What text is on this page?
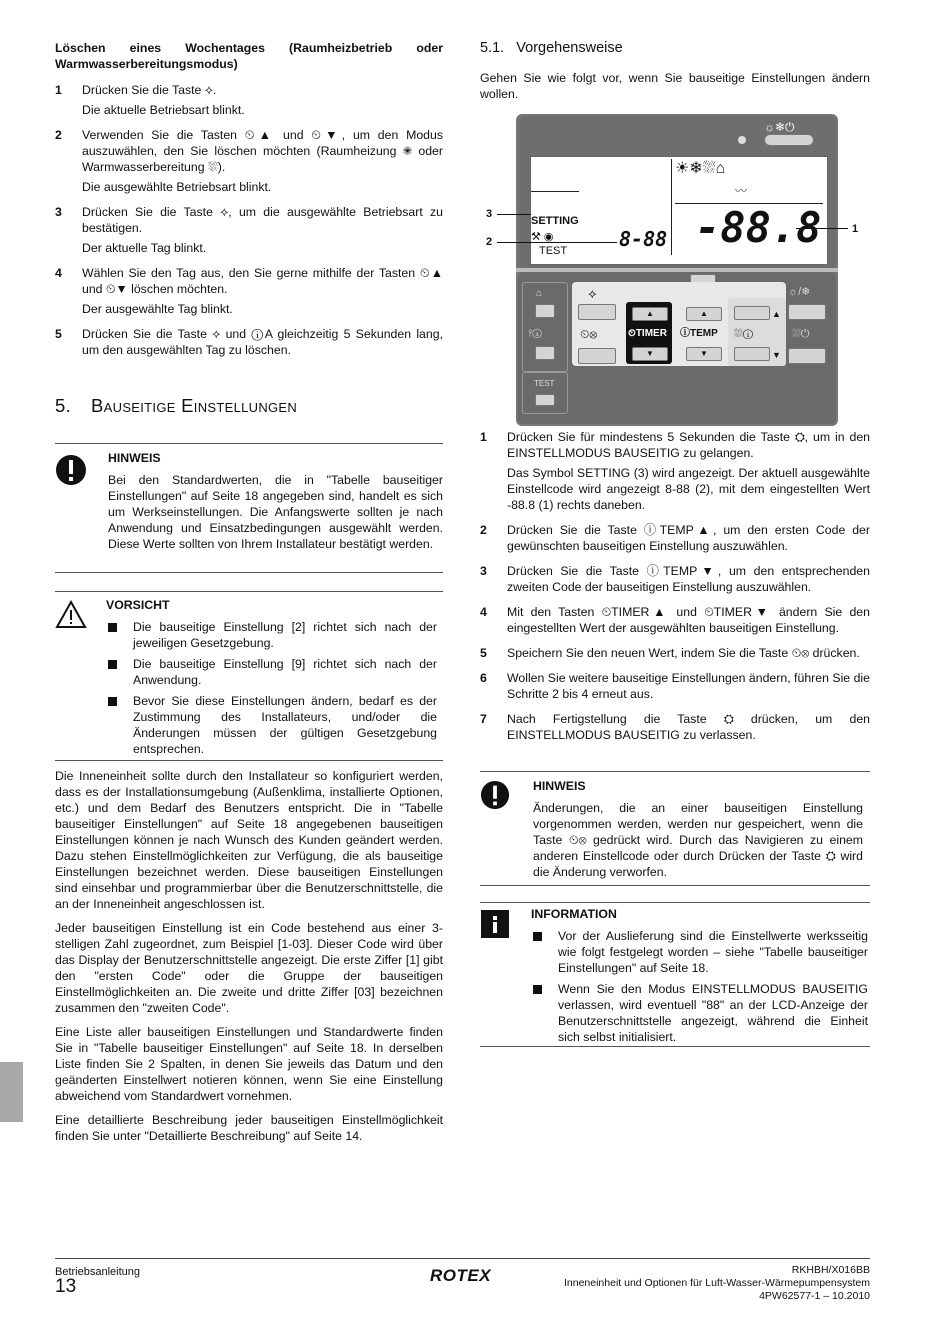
Löschen eines Wochentages (Raumheizbetrieb oder Warmwasserbereitungsmodus)
1 Drücken Sie die Taste ⟡.

Die aktuelle Betriebsart blinkt.

2 Verwenden Sie die Tasten ⏲▲ und ⏲▼, um den Modus auszuwählen, den Sie löschen möchten (Raumheizung ✺ oder Warmwasserbereitung ⛆).

Die ausgewählte Betriebsart blinkt.

3 Drücken Sie die Taste ⟡, um die ausgewählte Betriebsart zu bestätigen.

Der aktuelle Tag blinkt.

4 Wählen Sie den Tag aus, den Sie gerne mithilfe der Tasten ⏲▲ und ⏲▼ löschen möchten.

Der ausgewählte Tag blinkt.

5 Drücken Sie die Taste ⟡ und ⓘA gleichzeitig 5 Sekunden lang, um den ausgewählten Tag zu löschen.

5. Bauseitige Einstellungen
HINWEIS
Bei den Standardwerten, die in "Tabelle bauseitiger Einstellungen" auf Seite 18 angegeben sind, handelt es sich um Werkseinstellungen. Die Anfangswerte sollten je nach Anwendung und Einsatzbedingungen ausgewählt werden. Diese Werte sollten von Ihrem Installateur bestätigt werden.
VORSICHT
Die bauseitige Einstellung [2] richtet sich nach der jeweiligen Gesetzgebung.
Die bauseitige Einstellung [9] richtet sich nach der Anwendung.
Bevor Sie diese Einstellungen ändern, bedarf es der Zustimmung des Installateurs, und/oder die Änderungen müssen der gültigen Gesetzgebung entsprechen.

Die Inneneinheit sollte durch den Installateur so konfiguriert werden, dass es der Installationsumgebung (Außenklima, installierte Optionen, etc.) und dem Bedarf des Benutzers entspricht. Die in "Tabelle bauseitiger Einstellungen" auf Seite 18 angegebenen bauseitigen Einstellungen können je nach Wunsch des Kunden geändert werden. Dazu stehen Einstellmöglichkeiten zur Verfügung, die als bauseitige Einstellungen bezeichnet werden. Diese bauseitigen Einstellungen sind einsehbar und programmierbar über die Benutzerschnittstelle, die an der Inneneinheit angeschlossen ist.

Jeder bauseitigen Einstellung ist ein Code bestehend aus einer 3-stelligen Zahl zugeordnet, zum Beispiel [1-03]. Dieser Code wird über das Display der Benutzerschnittstelle angezeigt. Die erste Ziffer [1] gibt den "ersten Code" oder die Gruppe der bauseitigen Einstellmöglichkeiten an. Die zweite und dritte Ziffer [03] bezeichnen zusammen den "zweiten Code".

Eine Liste aller bauseitigen Einstellungen und Standardwerte finden Sie in "Tabelle bauseitiger Einstellungen" auf Seite 18. In derselben Liste finden Sie 2 Spalten, in denen Sie jeweils das Datum und den geänderten Einstellwert notieren können, wenn Sie eine Einstellung abweichend vom Standardwert vornehmen.

Eine detaillierte Beschreibung jeder bauseitigen Einstellmöglichkeit finden Sie unter "Detaillierte Beschreibung" auf Seite 14.

5.1. Vorgehensweise
Gehen Sie wie folgt vor, wenn Sie bauseitige Einstellungen ändern wollen.
☼❄⏻
⌂
⫯ⓐ
TEST
⟡
⏲⊗
▲
⏲TIMER
▼
▲
ⓘTEMP
▼
▲
⛆ⓘ
▼
☼/❄
⛆⏻
☀❄⛆⌂
〰
SETTING
⚒ ◉
TEST	8-88 -88.8
3
2
1
1 Drücken Sie für mindestens 5 Sekunden die Taste ⛭, um in den EINSTELLMODUS BAUSEITIG zu gelangen.

Das Symbol SETTING (3) wird angezeigt. Der aktuell ausgewählte Einstellcode wird angezeigt 8-88 (2), mit dem eingestellten Wert -88.8 (1) rechts daneben.

2 Drücken Sie die Taste ⓘTEMP▲, um den ersten Code der gewünschten bauseitigen Einstellung auszuwählen.

3 Drücken Sie die Taste ⓘTEMP▼, um den entsprechenden zweiten Code der bauseitigen Einstellung auszuwählen.

4 Mit den Tasten ⏲TIMER▲ und ⏲TIMER▼ ändern Sie den eingestellten Wert der ausgewählten bauseitigen Einstellung.

5 Speichern Sie den neuen Wert, indem Sie die Taste ⏲⊗ drücken.

6 Wollen Sie weitere bauseitige Einstellungen ändern, führen Sie die Schritte 2 bis 4 erneut aus.

7 Nach Fertigstellung die Taste ⛭ drücken, um den EINSTELLMODUS BAUSEITIG zu verlassen.

HINWEIS
Änderungen, die an einer bauseitigen Einstellung vorgenommen werden, werden nur gespeichert, wenn die Taste ⏲⊗ gedrückt wird. Durch das Navigieren zu einem anderen Einstellcode oder durch Drücken der Taste ⛭ wird die Änderung verworfen.
INFORMATION
Vor der Auslieferung sind die Einstellwerte werksseitig wie folgt festgelegt worden – siehe "Tabelle bauseitiger Einstellungen" auf Seite 18.
Wenn Sie den Modus EINSTELLMODUS BAUSEITIG verlassen, wird eventuell "88" an der LCD-Anzeige der Benutzerschnittstelle angezeigt, während die Einheit sich selbst initialisiert.
Betriebsanleitung
13
ROTEX	RKHBH/X016BB
Inneneinheit und Optionen für Luft-Wasser-Wärmepumpensystem
4PW62577-1 – 10.2010
